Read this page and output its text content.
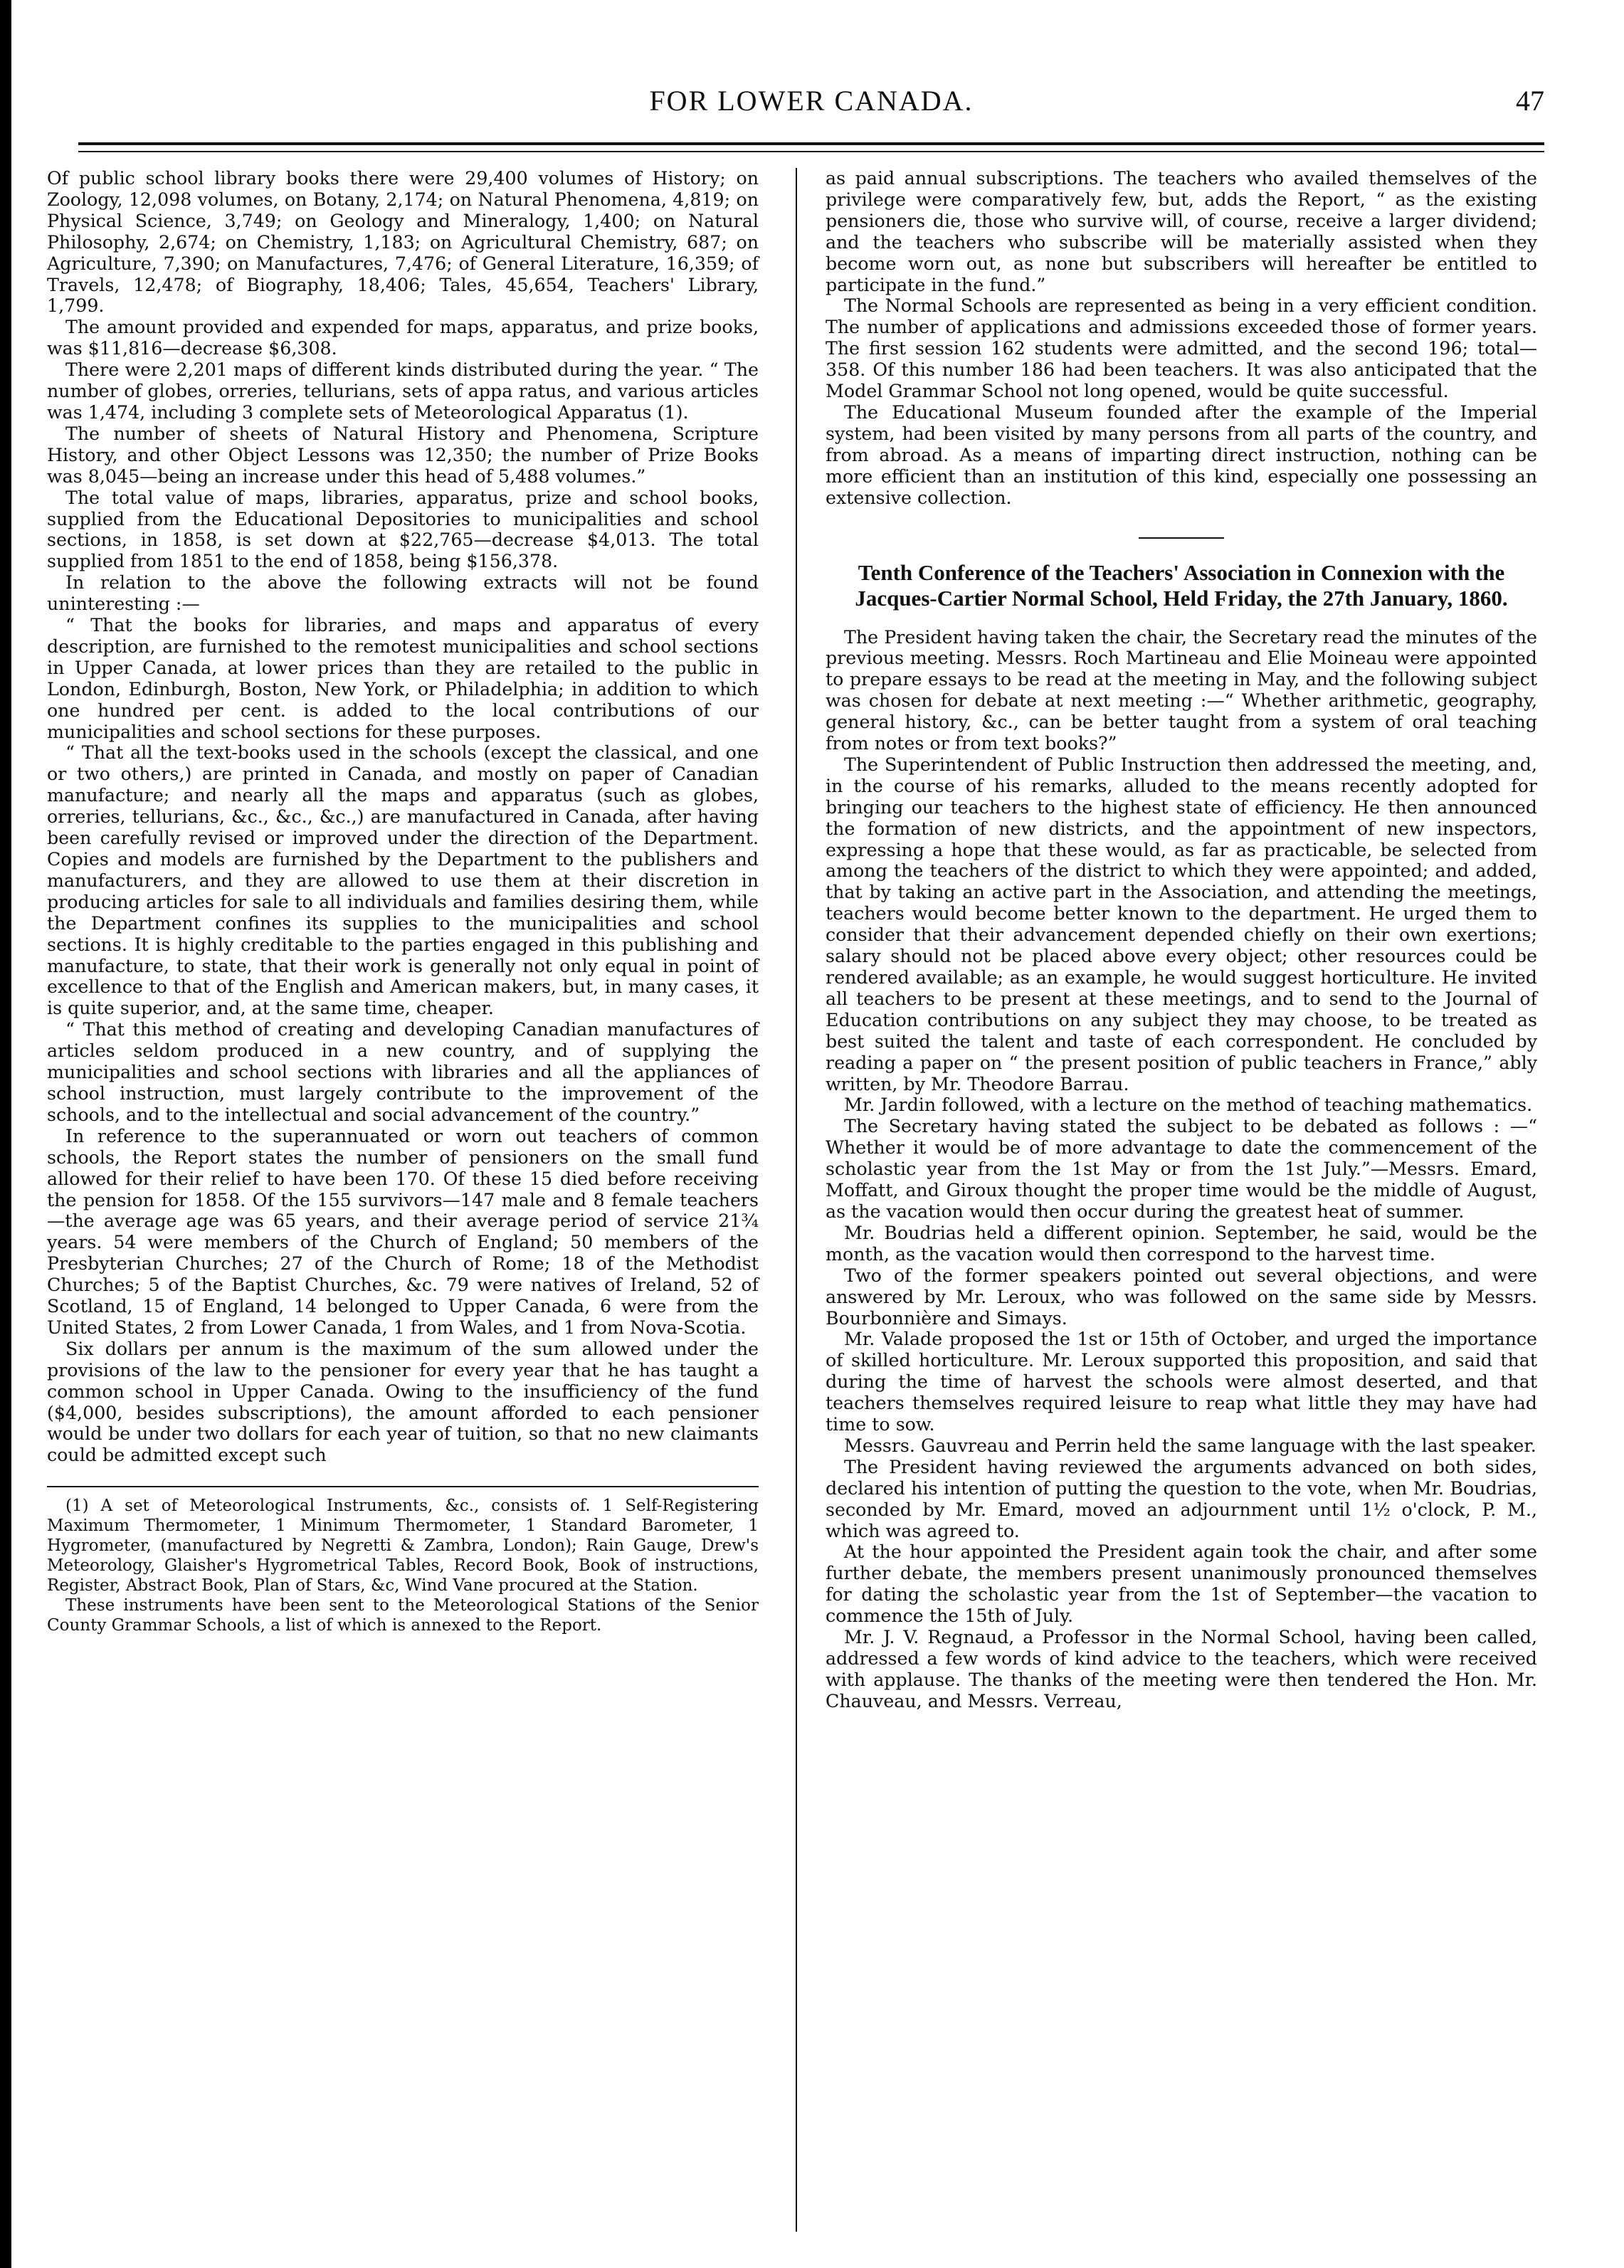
FOR LOWER CANADA.	47

Of public school library books there were 29,400 volumes of History; on Zoology, 12,098 volumes, on Botany, 2,174; on Natural Phenomena, 4,819; on Physical Science, 3,749; on Geology and Mineralogy, 1,400; on Natural Philosophy, 2,674; on Chemistry, 1,183; on Agricultural Chemistry, 687; on Agriculture, 7,390; on Manufactures, 7,476; of General Literature, 16,359; of Travels, 12,478; of Biography, 18,406; Tales, 45,654, Teachers' Library, 1,799.

The amount provided and expended for maps, apparatus, and prize books, was $11,816—decrease $6,308.

There were 2,201 maps of different kinds distributed during the year. “ The number of globes, orreries, tellurians, sets of appa ratus, and various articles was 1,474, including 3 complete sets of Meteorological Apparatus (1).

The number of sheets of Natural History and Phenomena, Scripture History, and other Object Lessons was 12,350; the number of Prize Books was 8,045—being an increase under this head of 5,488 volumes.”

The total value of maps, libraries, apparatus, prize and school books, supplied from the Educational Depositories to municipalities and school sections, in 1858, is set down at $22,765—decrease $4,013. The total supplied from 1851 to the end of 1858, being $156,378.

In relation to the above the following extracts will not be found uninteresting :—

“ That the books for libraries, and maps and apparatus of every description, are furnished to the remotest municipalities and school sections in Upper Canada, at lower prices than they are retailed to the public in London, Edinburgh, Boston, New York, or Philadelphia; in addition to which one hundred per cent. is added to the local contributions of our municipalities and school sections for these purposes.

“ That all the text-books used in the schools (except the classical, and one or two others,) are printed in Canada, and mostly on paper of Canadian manufacture; and nearly all the maps and apparatus (such as globes, orreries, tellurians, &c., &c., &c.,) are manufactured in Canada, after having been carefully revised or improved under the direction of the Department. Copies and models are furnished by the Department to the publishers and manufacturers, and they are allowed to use them at their discretion in producing articles for sale to all individuals and families desiring them, while the Department confines its supplies to the municipalities and school sections. It is highly creditable to the parties engaged in this publishing and manufacture, to state, that their work is generally not only equal in point of excellence to that of the English and American makers, but, in many cases, it is quite superior, and, at the same time, cheaper.

“ That this method of creating and developing Canadian manufactures of articles seldom produced in a new country, and of supplying the municipalities and school sections with libraries and all the appliances of school instruction, must largely contribute to the improvement of the schools, and to the intellectual and social advancement of the country.”

In reference to the superannuated or worn out teachers of common schools, the Report states the number of pensioners on the small fund allowed for their relief to have been 170. Of these 15 died before receiving the pension for 1858. Of the 155 survivors—147 male and 8 female teachers—the average age was 65 years, and their average period of service 21¾ years. 54 were members of the Church of England; 50 members of the Presbyterian Churches; 27 of the Church of Rome; 18 of the Methodist Churches; 5 of the Baptist Churches, &c. 79 were natives of Ireland, 52 of Scotland, 15 of England, 14 belonged to Upper Canada, 6 were from the United States, 2 from Lower Canada, 1 from Wales, and 1 from Nova-Scotia.

Six dollars per annum is the maximum of the sum allowed under the provisions of the law to the pensioner for every year that he has taught a common school in Upper Canada. Owing to the insufficiency of the fund ($4,000, besides subscriptions), the amount afforded to each pensioner would be under two dollars for each year of tuition, so that no new claimants could be admitted except such

(1) A set of Meteorological Instruments, &c., consists of. 1 Self-Registering Maximum Thermometer, 1 Minimum Thermometer, 1 Standard Barometer, 1 Hygrometer, (manufactured by Negretti & Zambra, London); Rain Gauge, Drew's Meteorology, Glaisher's Hygrometrical Tables, Record Book, Book of instructions, Register, Abstract Book, Plan of Stars, &c, Wind Vane procured at the Station.

These instruments have been sent to the Meteorological Stations of the Senior County Grammar Schools, a list of which is annexed to the Report.

as paid annual subscriptions. The teachers who availed themselves of the privilege were comparatively few, but, adds the Report, “ as the existing pensioners die, those who survive will, of course, receive a larger dividend; and the teachers who subscribe will be materially assisted when they become worn out, as none but subscribers will hereafter be entitled to participate in the fund.”

The Normal Schools are represented as being in a very efficient condition. The number of applications and admissions exceeded those of former years. The first session 162 students were admitted, and the second 196; total—358. Of this number 186 had been teachers. It was also anticipated that the Model Grammar School not long opened, would be quite successful.

The Educational Museum founded after the example of the Imperial system, had been visited by many persons from all parts of the country, and from abroad. As a means of imparting direct instruction, nothing can be more efficient than an institution of this kind, especially one possessing an extensive collection.

Tenth Conference of the Teachers' Association in Connexion with the Jacques-Cartier Normal School, Held Friday, the 27th January, 1860.

The President having taken the chair, the Secretary read the minutes of the previous meeting. Messrs. Roch Martineau and Elie Moineau were appointed to prepare essays to be read at the meeting in May, and the following subject was chosen for debate at next meeting :—“ Whether arithmetic, geography, general history, &c., can be better taught from a system of oral teaching from notes or from text books?”

The Superintendent of Public Instruction then addressed the meeting, and, in the course of his remarks, alluded to the means recently adopted for bringing our teachers to the highest state of efficiency. He then announced the formation of new districts, and the appointment of new inspectors, expressing a hope that these would, as far as practicable, be selected from among the teachers of the district to which they were appointed; and added, that by taking an active part in the Association, and attending the meetings, teachers would become better known to the department. He urged them to consider that their advancement depended chiefly on their own exertions; salary should not be placed above every object; other resources could be rendered available; as an example, he would suggest horticulture. He invited all teachers to be present at these meetings, and to send to the Journal of Education contributions on any subject they may choose, to be treated as best suited the talent and taste of each correspondent. He concluded by reading a paper on “ the present position of public teachers in France,” ably written, by Mr. Theodore Barrau.

Mr. Jardin followed, with a lecture on the method of teaching mathematics.

The Secretary having stated the subject to be debated as follows : —“ Whether it would be of more advantage to date the commencement of the scholastic year from the 1st May or from the 1st July.”—Messrs. Emard, Moffatt, and Giroux thought the proper time would be the middle of August, as the vacation would then occur during the greatest heat of summer.

Mr. Boudrias held a different opinion. September, he said, would be the month, as the vacation would then correspond to the harvest time.

Two of the former speakers pointed out several objections, and were answered by Mr. Leroux, who was followed on the same side by Messrs. Bourbonnière and Simays.

Mr. Valade proposed the 1st or 15th of October, and urged the importance of skilled horticulture. Mr. Leroux supported this proposition, and said that during the time of harvest the schools were almost deserted, and that teachers themselves required leisure to reap what little they may have had time to sow.

Messrs. Gauvreau and Perrin held the same language with the last speaker.

The President having reviewed the arguments advanced on both sides, declared his intention of putting the question to the vote, when Mr. Boudrias, seconded by Mr. Emard, moved an adjournment until 1½ o'clock, P. M., which was agreed to.

At the hour appointed the President again took the chair, and after some further debate, the members present unanimously pronounced themselves for dating the scholastic year from the 1st of September—the vacation to commence the 15th of July.

Mr. J. V. Regnaud, a Professor in the Normal School, having been called, addressed a few words of kind advice to the teachers, which were received with applause. The thanks of the meeting were then tendered the Hon. Mr. Chauveau, and Messrs. Verreau,
